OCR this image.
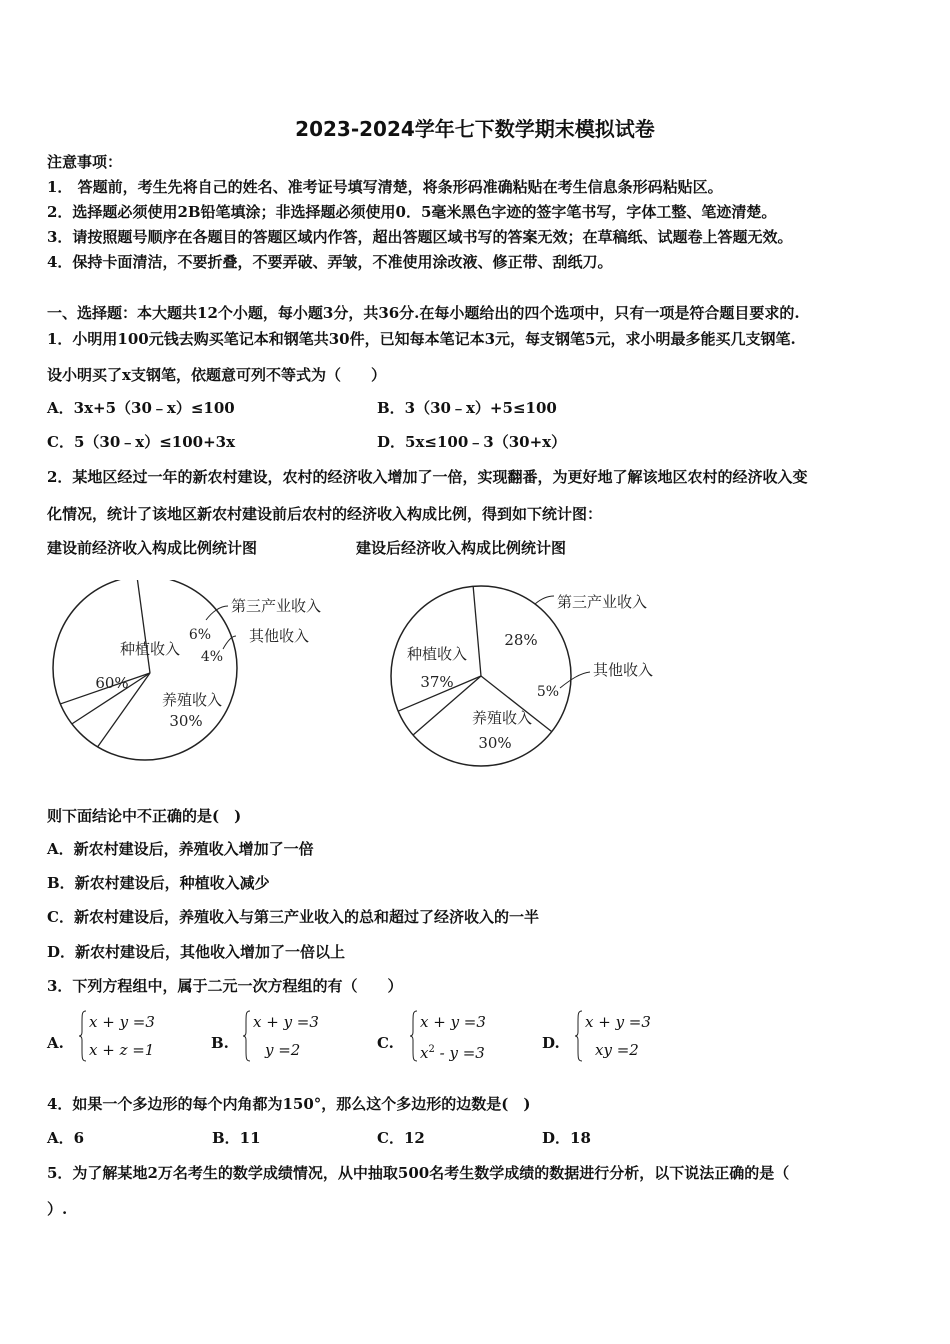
2023-2024学年七下数学期末模拟试卷
注意事项：
1． 答题前，考生先将自己的姓名、准考证号填写清楚，将条形码准确粘贴在考生信息条形码粘贴区。
2．选择题必须使用2B铅笔填涂；非选择题必须使用0．5毫米黑色字迹的签字笔书写，字体工整、笔迹清楚。
3．请按照题号顺序在各题目的答题区域内作答，超出答题区域书写的答案无效；在草稿纸、试题卷上答题无效。
4．保持卡面清洁，不要折叠，不要弄破、弄皱，不准使用涂改液、修正带、刮纸刀。
一、选择题：本大题共12个小题，每小题3分，共36分.在每小题给出的四个选项中，只有一项是符合题目要求的.
1．小明用100元钱去购买笔记本和钢笔共30件，已知每本笔记本3元，每支钢笔5元，求小明最多能买几支钢笔.
设小明买了x支钢笔，依题意可列不等式为（　　）
A．3x+5（30﹣x）≤100	B．3（30﹣x）+5≤100
C．5（30﹣x）≤100+3x	D．5x≤100﹣3（30+x）
2．某地区经过一年的新农村建设，农村的经济收入增加了一倍，实现翻番，为更好地了解该地区农村的经济收入变
化情况，统计了该地区新农村建设前后农村的经济收入构成比例，得到如下统计图：
建设前经济收入构成比例统计图	建设后经济收入构成比例统计图
种植收入
60%
6%
4%
养殖收入
30%
第三产业收入
其他收入
种植收入
37%
28%
5%
养殖收入
30%
第三产业收入
其他收入
则下面结论中不正确的是(　)
A．新农村建设后，养殖收入增加了一倍
B．新农村建设后，种植收入减少
C．新农村建设后，养殖收入与第三产业收入的总和超过了经济收入的一半
D．新农村建设后，其他收入增加了一倍以上
3．下列方程组中，属于二元一次方程组的有（　　）
A.
x + y =3
x + z =1	B.
x + y =3
y =2	C.
x + y =3
$x^2 - y =3$
D.
x + y =3
xy =2
4．如果一个多边形的每个内角都为150°，那么这个多边形的边数是(　)
A．6	B．11	C．12	D．18
5．为了解某地2万名考生的数学成绩情况，从中抽取500名考生数学成绩的数据进行分析，以下说法正确的是（
）.
